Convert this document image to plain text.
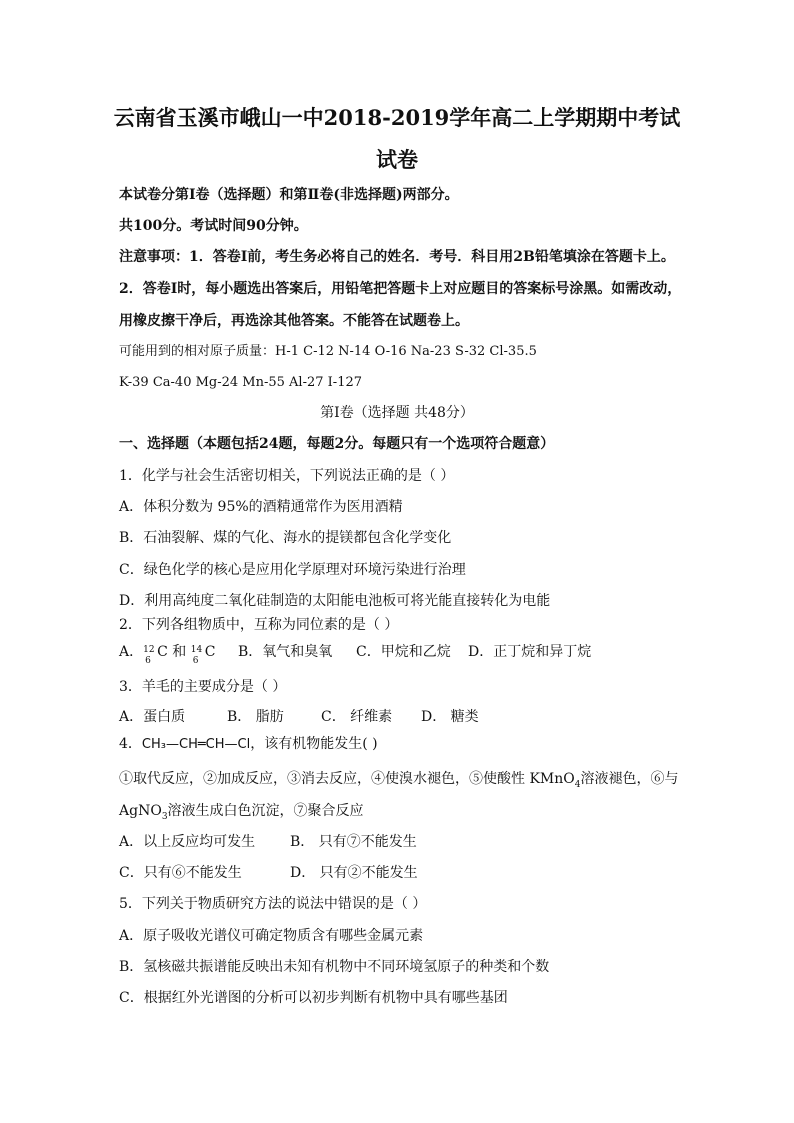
云南省玉溪市峨山一中2018-2019学年高二上学期期中考试
试卷
本试卷分第Ⅰ卷（选择题）和第Ⅱ卷(非选择题)两部分。
共100分。考试时间90分钟。
注意事项：1．答卷Ⅰ前，考生务必将自己的姓名．考号．科目用2B铅笔填涂在答题卡上。
2．答卷Ⅰ时，每小题选出答案后，用铅笔把答题卡上对应题目的答案标号涂黑。如需改动，
用橡皮擦干净后，再选涂其他答案。不能答在试题卷上。
可能用到的相对原子质量：H-1 C-12 N-14 O-16 Na-23 S-32 Cl-35.5
K-39 Ca-40 Mg-24 Mn-55 Al-27 I-127
第Ⅰ卷（选择题 共48分）
一、选择题（本题包括24题，每题2分。每题只有一个选项符合题意）
1．化学与社会生活密切相关，下列说法正确的是（ ）
A．体积分数为 95%的酒精通常作为医用酒精
B．石油裂解、煤的气化、海水的提镁都包含化学变化
C．绿色化学的核心是应用化学原理对环境污染进行治理
D．利用高纯度二氧化硅制造的太阳能电池板可将光能直接转化为电能
2．下列各组物质中，互称为同位素的是（ ）
A． 12
6
C 和 14
6
C B．氧气和臭氧 C．甲烷和乙烷 D．正丁烷和异丁烷
3．羊毛的主要成分是（ ）
A．蛋白质	B． 脂肪	C． 纤维素 D． 糖类
4．CH₃—CH═CH—Cl，该有机物能发生( )
①取代反应，②加成反应，③消去反应，④使溴水褪色，⑤使酸性 KMnO$_4$溶液褪色，⑥与
AgNO$_3$溶液生成白色沉淀，⑦聚合反应
A．以上反应均可发生 B． 只有⑦不能发生
C．只有⑥不能发生	D． 只有②不能发生
5．下列关于物质研究方法的说法中错误的是（ ）
A．原子吸收光谱仪可确定物质含有哪些金属元素
B．氢核磁共振谱能反映出未知有机物中不同环境氢原子的种类和个数
C．根据红外光谱图的分析可以初步判断有机物中具有哪些基团
